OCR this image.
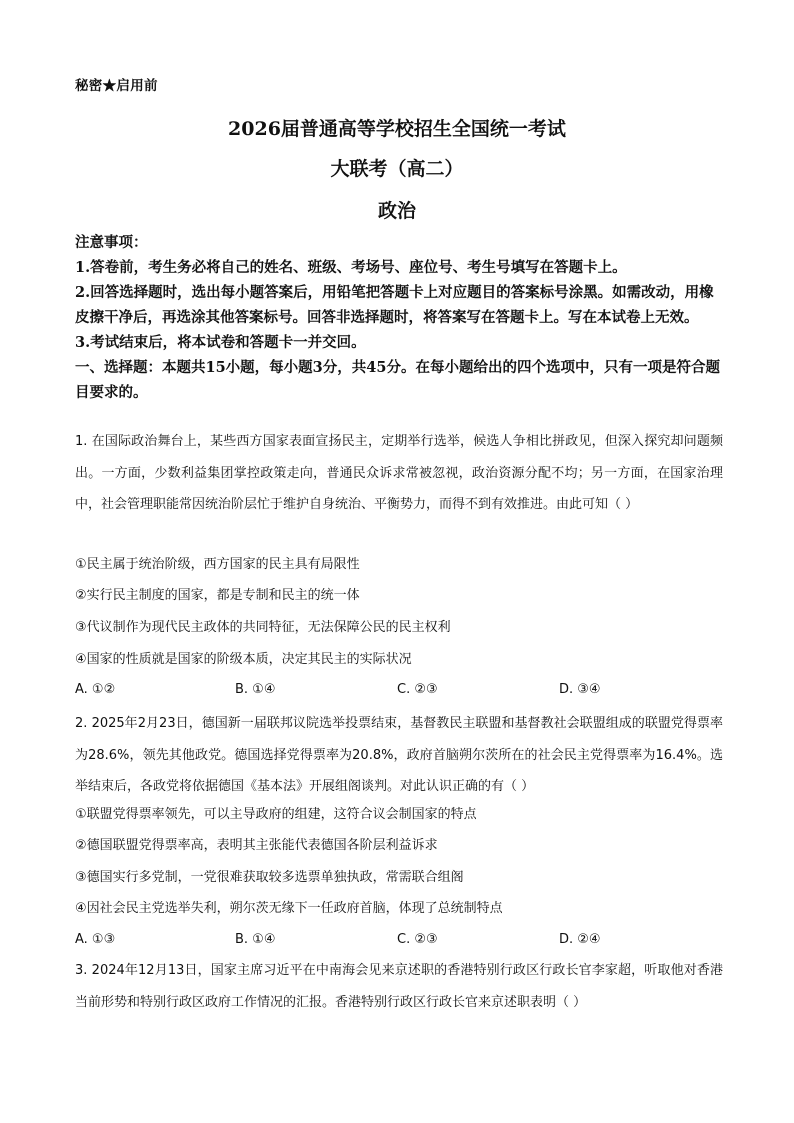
秘密★启用前
2026届普通高等学校招生全国统一考试
大联考（高二）
政治
注意事项：
1.答卷前，考生务必将自己的姓名、班级、考场号、座位号、考生号填写在答题卡上。
2.回答选择题时，选出每小题答案后，用铅笔把答题卡上对应题目的答案标号涂黑。如需改动，用橡皮擦干净后，再选涂其他答案标号。回答非选择题时，将答案写在答题卡上。写在本试卷上无效。
3.考试结束后，将本试卷和答题卡一并交回。
一、选择题：本题共15小题，每小题3分，共45分。在每小题给出的四个选项中，只有一项是符合题目要求的。
1. 在国际政治舞台上，某些西方国家表面宣扬民主，定期举行选举，候选人争相比拼政见，但深入探究却问题频出。一方面，少数利益集团掌控政策走向，普通民众诉求常被忽视，政治资源分配不均；另一方面，在国家治理中，社会管理职能常因统治阶层忙于维护自身统治、平衡势力，而得不到有效推进。由此可知（ ）
①民主属于统治阶级，西方国家的民主具有局限性
②实行民主制度的国家，都是专制和民主的统一体
③代议制作为现代民主政体的共同特征，无法保障公民的民主权利
④国家的性质就是国家的阶级本质，决定其民主的实际状况
A. ①②	B. ①④	C. ②③	D. ③④
2. 2025年2月23日，德国新一届联邦议院选举投票结束，基督教民主联盟和基督教社会联盟组成的联盟党得票率为28.6%，领先其他政党。德国选择党得票率为20.8%，政府首脑朔尔茨所在的社会民主党得票率为16.4%。选举结束后，各政党将依据德国《基本法》开展组阁谈判。对此认识正确的有（ ）
①联盟党得票率领先，可以主导政府的组建，这符合议会制国家的特点
②德国联盟党得票率高，表明其主张能代表德国各阶层利益诉求
③德国实行多党制，一党很难获取较多选票单独执政，常需联合组阁
④因社会民主党选举失利，朔尔茨无缘下一任政府首脑，体现了总统制特点
A. ①③	B. ①④	C. ②③	D. ②④
3. 2024年12月13日，国家主席习近平在中南海会见来京述职的香港特别行政区行政长官李家超，听取他对香港当前形势和特别行政区政府工作情况的汇报。香港特别行政区行政长官来京述职表明（ ）
